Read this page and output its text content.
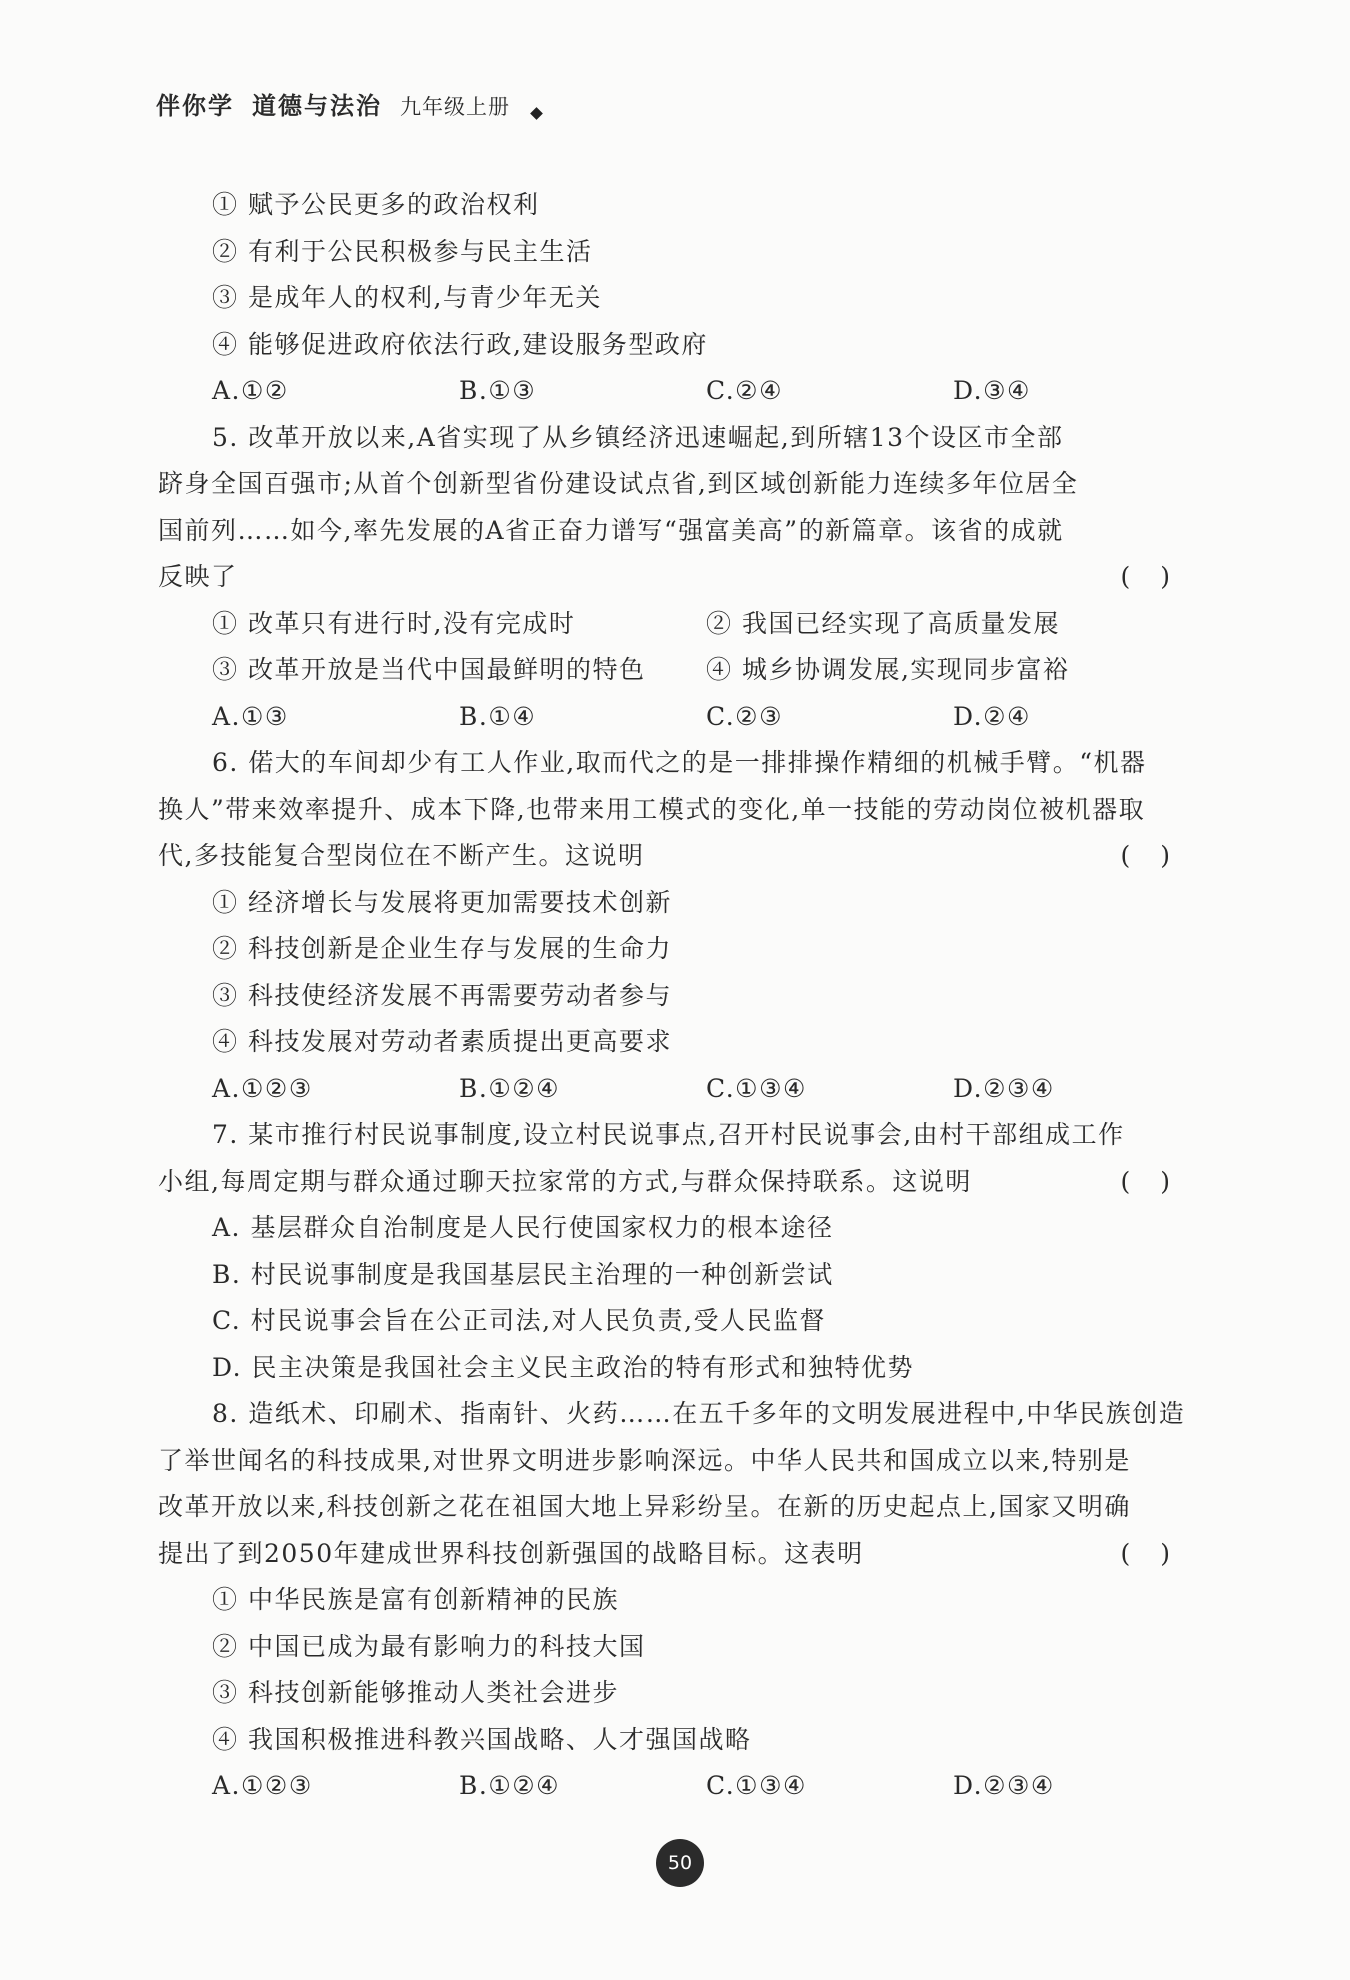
伴你学 道德与法治 九年级上册
① 赋予公民更多的政治权利
② 有利于公民积极参与民主生活
③ 是成年人的权利,与青少年无关
④ 能够促进政府依法行政,建设服务型政府
A.①②	B.①③	C.②④	D.③④
5. 改革开放以来,A省实现了从乡镇经济迅速崛起,到所辖13个设区市全部
跻身全国百强市;从首个创新型省份建设试点省,到区域创新能力连续多年位居全
国前列……如今,率先发展的A省正奋力谱写“强富美高”的新篇章。该省的成就
反映了	()
① 改革只有进行时,没有完成时	② 我国已经实现了高质量发展
③ 改革开放是当代中国最鲜明的特色	④ 城乡协调发展,实现同步富裕
A.①③	B.①④	C.②③	D.②④
6. 偌大的车间却少有工人作业,取而代之的是一排排操作精细的机械手臂。“机器
换人”带来效率提升、成本下降,也带来用工模式的变化,单一技能的劳动岗位被机器取
代,多技能复合型岗位在不断产生。这说明	()
① 经济增长与发展将更加需要技术创新
② 科技创新是企业生存与发展的生命力
③ 科技使经济发展不再需要劳动者参与
④ 科技发展对劳动者素质提出更高要求
A.①②③	B.①②④	C.①③④	D.②③④
7. 某市推行村民说事制度,设立村民说事点,召开村民说事会,由村干部组成工作
小组,每周定期与群众通过聊天拉家常的方式,与群众保持联系。这说明	()
A. 基层群众自治制度是人民行使国家权力的根本途径
B. 村民说事制度是我国基层民主治理的一种创新尝试
C. 村民说事会旨在公正司法,对人民负责,受人民监督
D. 民主决策是我国社会主义民主政治的特有形式和独特优势
8. 造纸术、印刷术、指南针、火药……在五千多年的文明发展进程中,中华民族创造
了举世闻名的科技成果,对世界文明进步影响深远。中华人民共和国成立以来,特别是
改革开放以来,科技创新之花在祖国大地上异彩纷呈。在新的历史起点上,国家又明确
提出了到2050年建成世界科技创新强国的战略目标。这表明	()
① 中华民族是富有创新精神的民族
② 中国已成为最有影响力的科技大国
③ 科技创新能够推动人类社会进步
④ 我国积极推进科教兴国战略、人才强国战略
A.①②③	B.①②④	C.①③④	D.②③④
50
